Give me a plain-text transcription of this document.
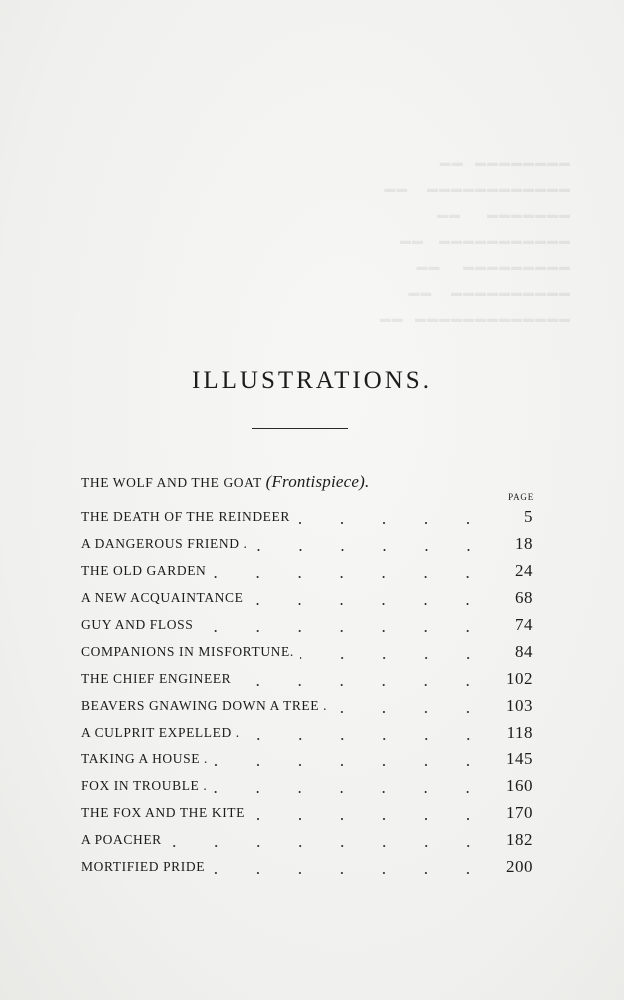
▬▬▬▬▬▬▬▬   ▬▬
▬▬▬▬▬▬▬▬▬▬▬▬     ▬▬
▬▬▬▬▬▬▬       ▬▬
▬▬▬▬▬▬▬▬▬▬▬    ▬▬
▬▬▬▬▬▬▬▬▬      ▬▬
▬▬▬▬▬▬▬▬▬▬     ▬▬
▬▬▬▬▬▬▬▬▬▬▬▬▬   ▬▬
ILLUSTRATIONS.
THE WOLF AND THE GOAT (Frontispiece).
PAGE
THE DEATH OF THE REINDEER	5
A DANGEROUS FRIEND .	18
THE OLD GARDEN	24
A NEW ACQUAINTANCE	68
GUY AND FLOSS	74
COMPANIONS IN MISFORTUNE.	84
THE CHIEF ENGINEER	102
BEAVERS GNAWING DOWN A TREE .	103
A CULPRIT EXPELLED .	118
TAKING A HOUSE .	145
FOX IN TROUBLE .	160
THE FOX AND THE KITE	170
A POACHER	182
MORTIFIED PRIDE	200
